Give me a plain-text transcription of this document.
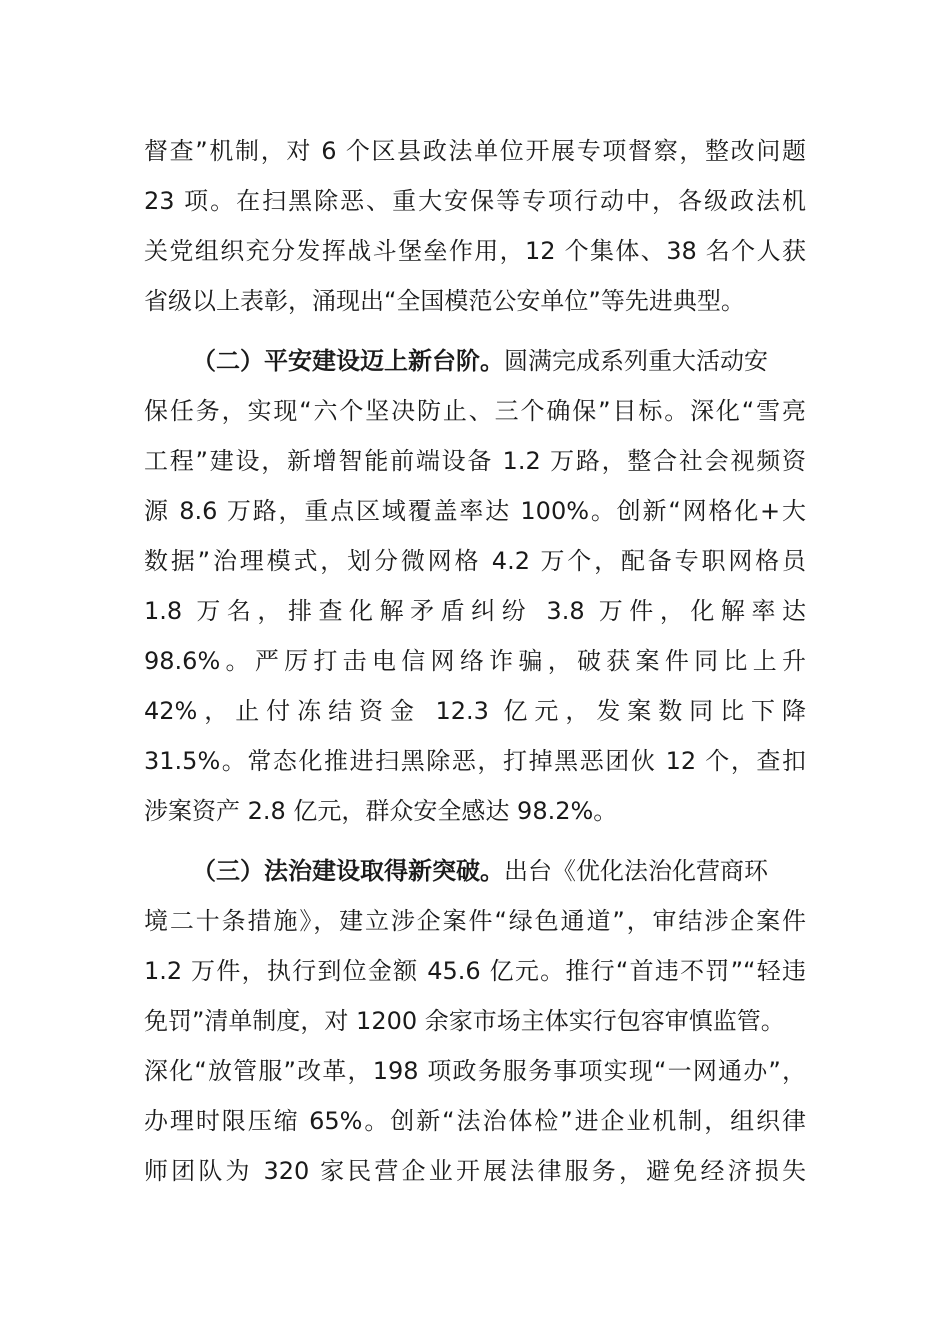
督查”机制，对 6 个区县政法单位开展专项督察，整改问题
23 项。在扫黑除恶、重大安保等专项行动中，各级政法机
关党组织充分发挥战斗堡垒作用，12 个集体、38 名个人获
省级以上表彰，涌现出“全国模范公安单位”等先进典型。
（二）平安建设迈上新台阶。圆满完成系列重大活动安
保任务，实现“六个坚决防止、三个确保”目标。深化“雪亮
工程”建设，新增智能前端设备 1.2 万路，整合社会视频资
源 8.6 万路，重点区域覆盖率达 100%。创新“网格化+大
数据”治理模式，划分微网格 4.2 万个，配备专职网格员
1.8 万名，排查化解矛盾纠纷 3.8 万件，化解率达
98.6%。严厉打击电信网络诈骗，破获案件同比上升
42%，止付冻结资金 12.3 亿元，发案数同比下降
31.5%。常态化推进扫黑除恶，打掉黑恶团伙 12 个，查扣
涉案资产 2.8 亿元，群众安全感达 98.2%。
（三）法治建设取得新突破。出台《优化法治化营商环
境二十条措施》，建立涉企案件“绿色通道”，审结涉企案件
1.2 万件，执行到位金额 45.6 亿元。推行“首违不罚”“轻违
免罚”清单制度，对 1200 余家市场主体实行包容审慎监管。
深化“放管服”改革，198 项政务服务事项实现“一网通办”，
办理时限压缩 65%。创新“法治体检”进企业机制，组织律
师团队为 320 家民营企业开展法律服务，避免经济损失
